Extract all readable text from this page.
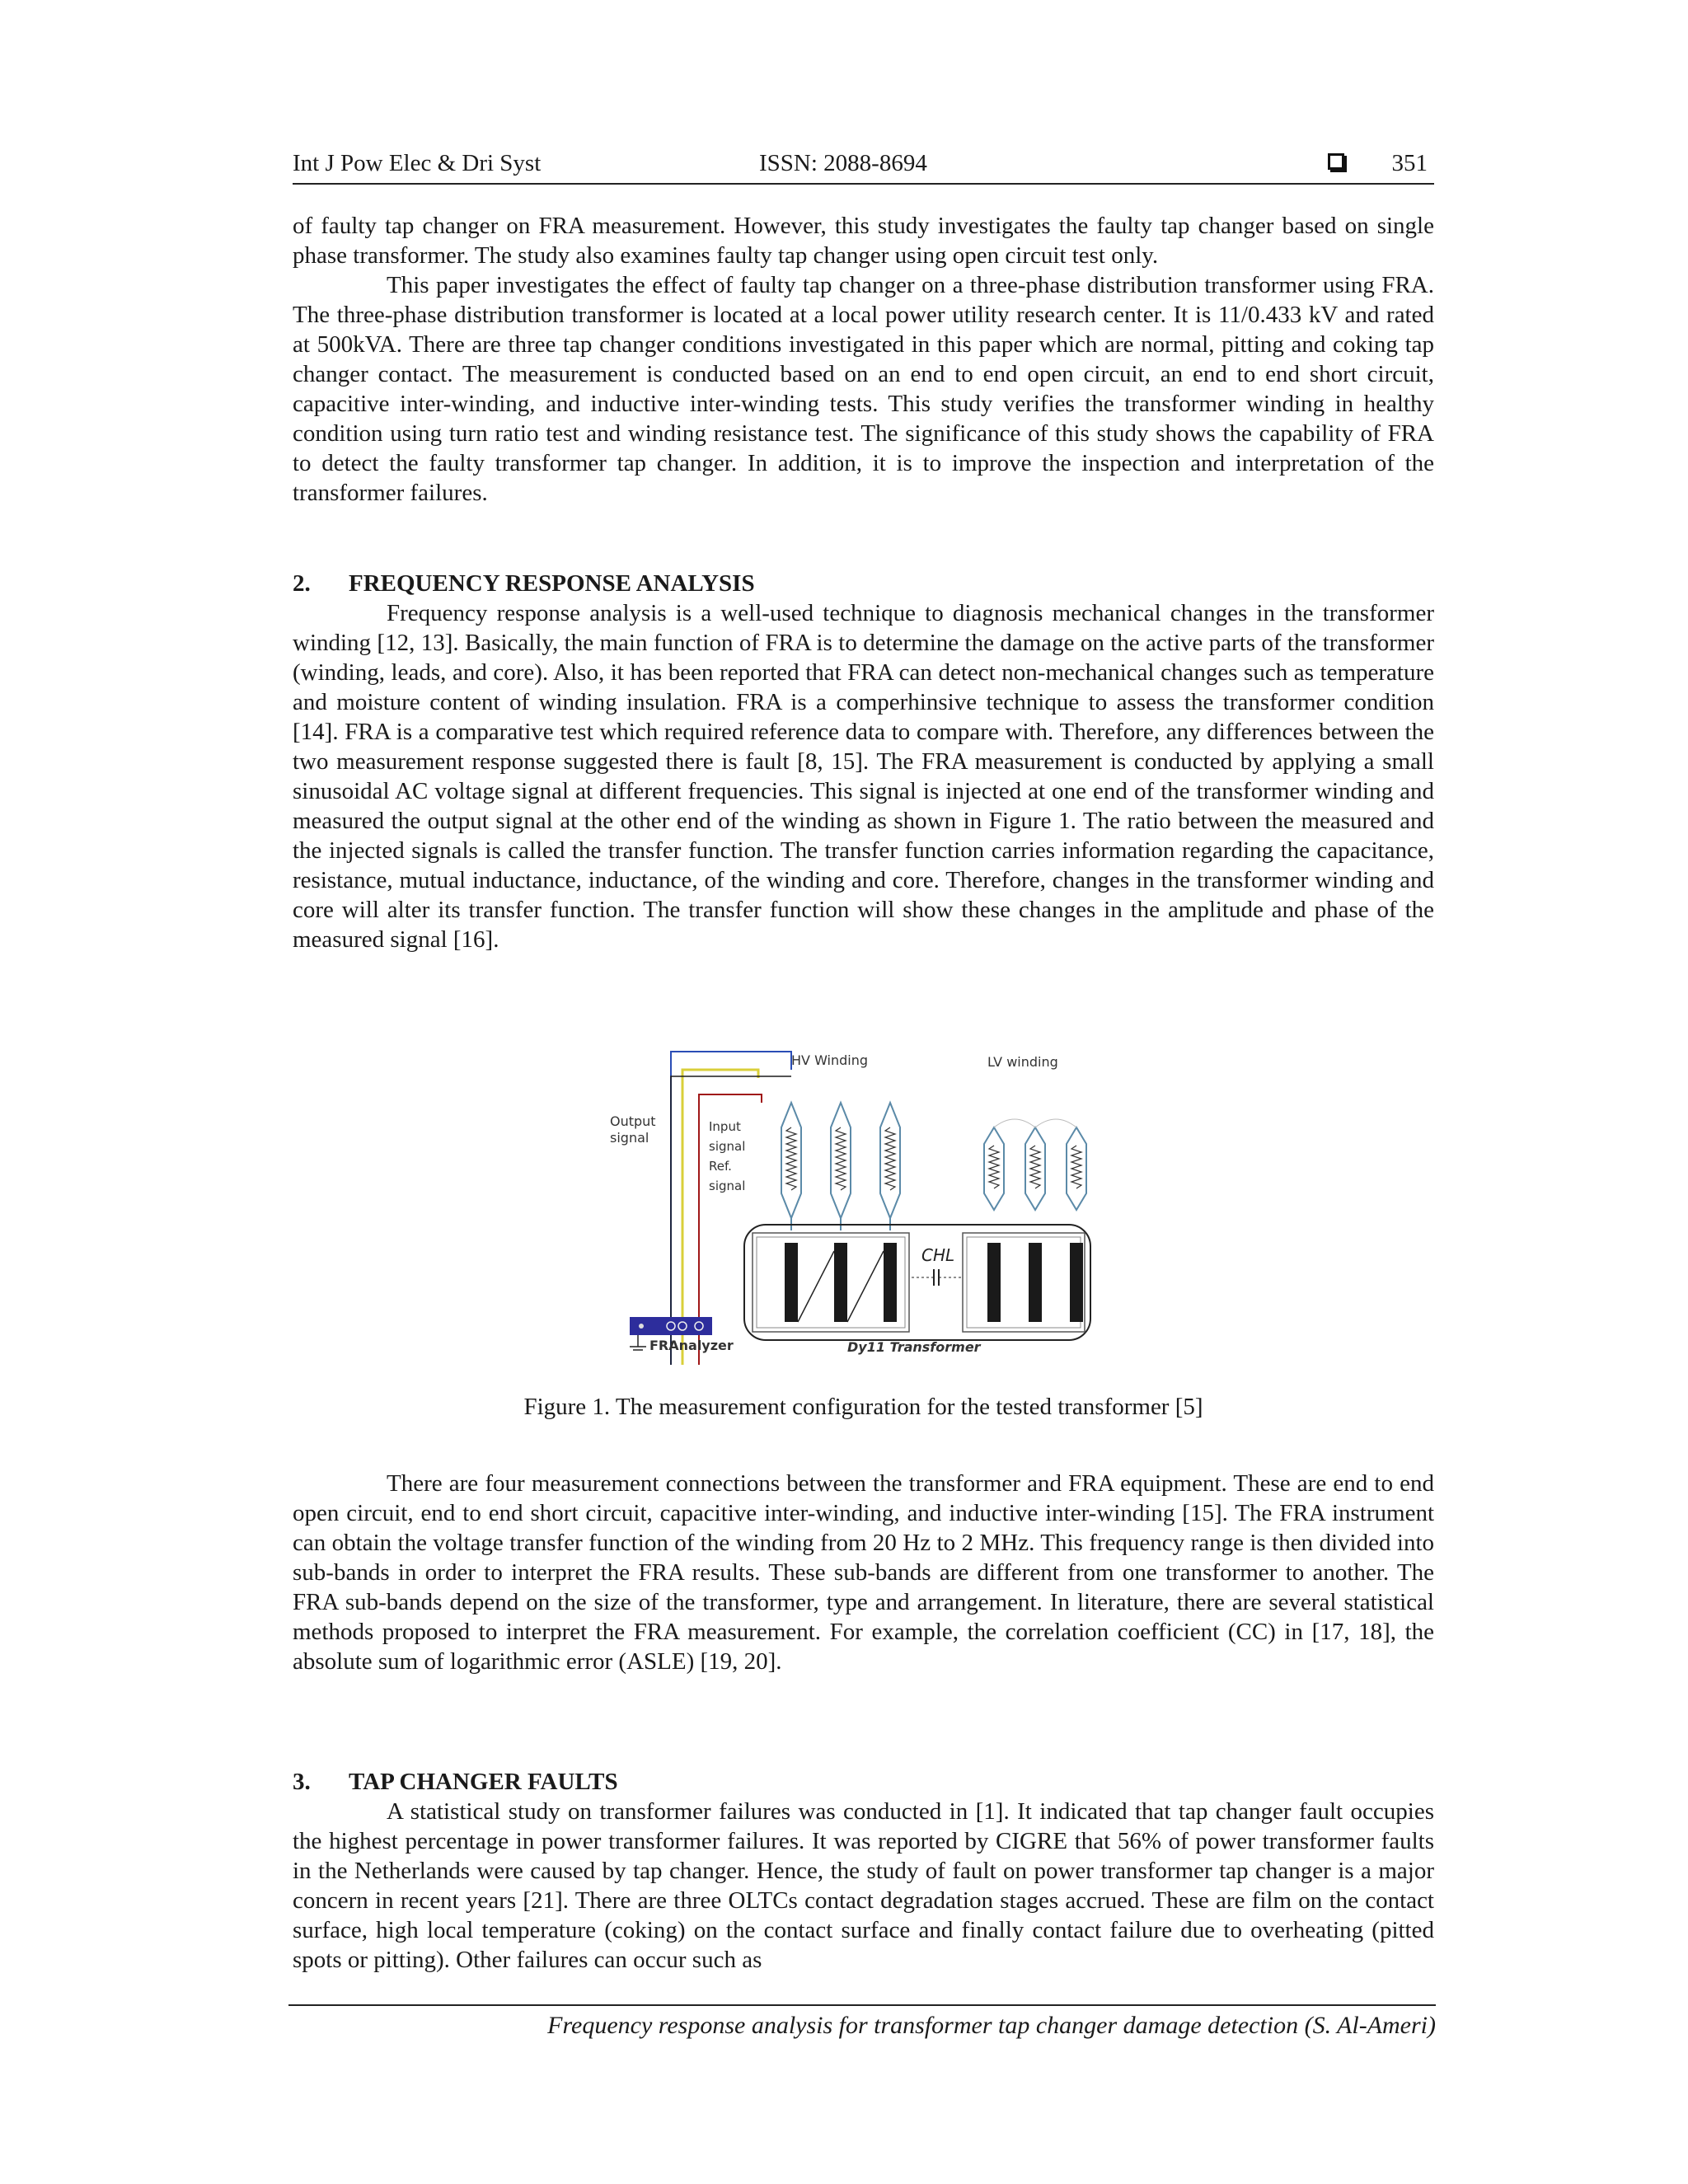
Int J Pow Elec & Dri Syst	ISSN: 2088-8694	351

of faulty tap changer on FRA measurement. However, this study investigates the faulty tap changer based on single phase transformer. The study also examines faulty tap changer using open circuit test only.

This paper investigates the effect of faulty tap changer on a three-phase distribution transformer using FRA. The three-phase distribution transformer is located at a local power utility research center. It is 11/0.433 kV and rated at 500kVA. There are three tap changer conditions investigated in this paper which are normal, pitting and coking tap changer contact. The measurement is conducted based on an end to end open circuit, an end to end short circuit, capacitive inter-winding, and inductive inter-winding tests. This study verifies the transformer winding in healthy condition using turn ratio test and winding resistance test. The significance of this study shows the capability of FRA to detect the faulty transformer tap changer. In addition, it is to improve the inspection and interpretation of the transformer failures.

2. FREQUENCY RESPONSE ANALYSIS

Frequency response analysis is a well-used technique to diagnosis mechanical changes in the transformer winding [12, 13]. Basically, the main function of FRA is to determine the damage on the active parts of the transformer (winding, leads, and core). Also, it has been reported that FRA can detect non-mechanical changes such as temperature and moisture content of winding insulation. FRA is a comperhinsive technique to assess the transformer condition [14]. FRA is a comparative test which required reference data to compare with. Therefore, any differences between the two measurement response suggested there is fault [8, 15]. The FRA measurement is conducted by applying a small sinusoidal AC voltage signal at different frequencies. This signal is injected at one end of the transformer winding and measured the output signal at the other end of the winding as shown in Figure 1. The ratio between the measured and the injected signals is called the transfer function. The transfer function carries information regarding the capacitance, resistance, mutual inductance, inductance, of the winding and core. Therefore, changes in the transformer winding and core will alter its transfer function. The transfer function will show these changes in the amplitude and phase of the measured signal [16].

HV Winding	LV winding
Output
signal
Input
signal
Ref.
signal
CHL
FRAnalyzer	Dy11 Transformer
Figure 1. The measurement configuration for the tested transformer [5]

There are four measurement connections between the transformer and FRA equipment. These are end to end open circuit, end to end short circuit, capacitive inter-winding, and inductive inter-winding [15]. The FRA instrument can obtain the voltage transfer function of the winding from 20 Hz to 2 MHz. This frequency range is then divided into sub-bands in order to interpret the FRA results. These sub-bands are different from one transformer to another. The FRA sub-bands depend on the size of the transformer, type and arrangement. In literature, there are several statistical methods proposed to interpret the FRA measurement. For example, the correlation coefficient (CC) in [17, 18], the absolute sum of logarithmic error (ASLE) [19, 20].

3. TAP CHANGER FAULTS

A statistical study on transformer failures was conducted in [1]. It indicated that tap changer fault occupies the highest percentage in power transformer failures. It was reported by CIGRE that 56% of power transformer faults in the Netherlands were caused by tap changer. Hence, the study of fault on power transformer tap changer is a major concern in recent years [21]. There are three OLTCs contact degradation stages accrued. These are film on the contact surface, high local temperature (coking) on the contact surface and finally contact failure due to overheating (pitted spots or pitting). Other failures can occur such as

Frequency response analysis for transformer tap changer damage detection (S. Al-Ameri)
